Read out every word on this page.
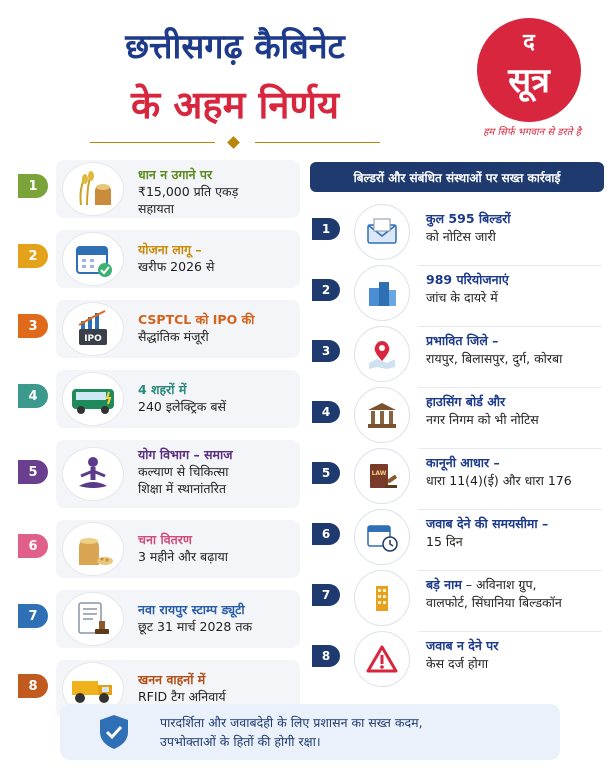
छत्तीसगढ़ कैबिनेट
के अहम निर्णय
द
सूत्र
हम सिर्फ भगवान से डरते है
1
धान न उगाने पर
₹15,000 प्रति एकड़
सहायता
2	योजना लागू –
खरीफ 2026 से
3
IPO
CSPTCL को IPO की
सैद्धांतिक मंजूरी
4	4 शहरों में
240 इलेक्ट्रिक बसें
5
योग विभाग – समाज
कल्याण से चिकित्सा
शिक्षा में स्थानांतरित
6	चना वितरण
3 महीने और बढ़ाया
7	नवा रायपुर स्टाम्प ड्यूटी
छूट 31 मार्च 2028 तक
8	खनन वाहनों में
RFID टैग अनिवार्य
बिल्डरों और संबंधित संस्थाओं पर सख्त कार्रवाई
1
कुल 595 बिल्डरों
को नोटिस जारी
2
989 परियोजनाएं
जांच के दायरे में
3
प्रभावित जिले –
रायपुर, बिलासपुर, दुर्ग, कोरबा
4
हाउसिंग बोर्ड और
नगर निगम को भी नोटिस
5	LAW
कानूनी आधार –
धारा 11(4)(ई) और धारा 176
6
जवाब देने की समयसीमा –
15 दिन
7
बड़े नाम – अविनाश ग्रुप,
वालफोर्ट, सिंघानिया बिल्डकॉन
8
जवाब न देने पर
केस दर्ज होगा
पारदर्शिता और जवाबदेही के लिए प्रशासन का सख्त कदम,
उपभोक्ताओं के हितों की होगी रक्षा।
